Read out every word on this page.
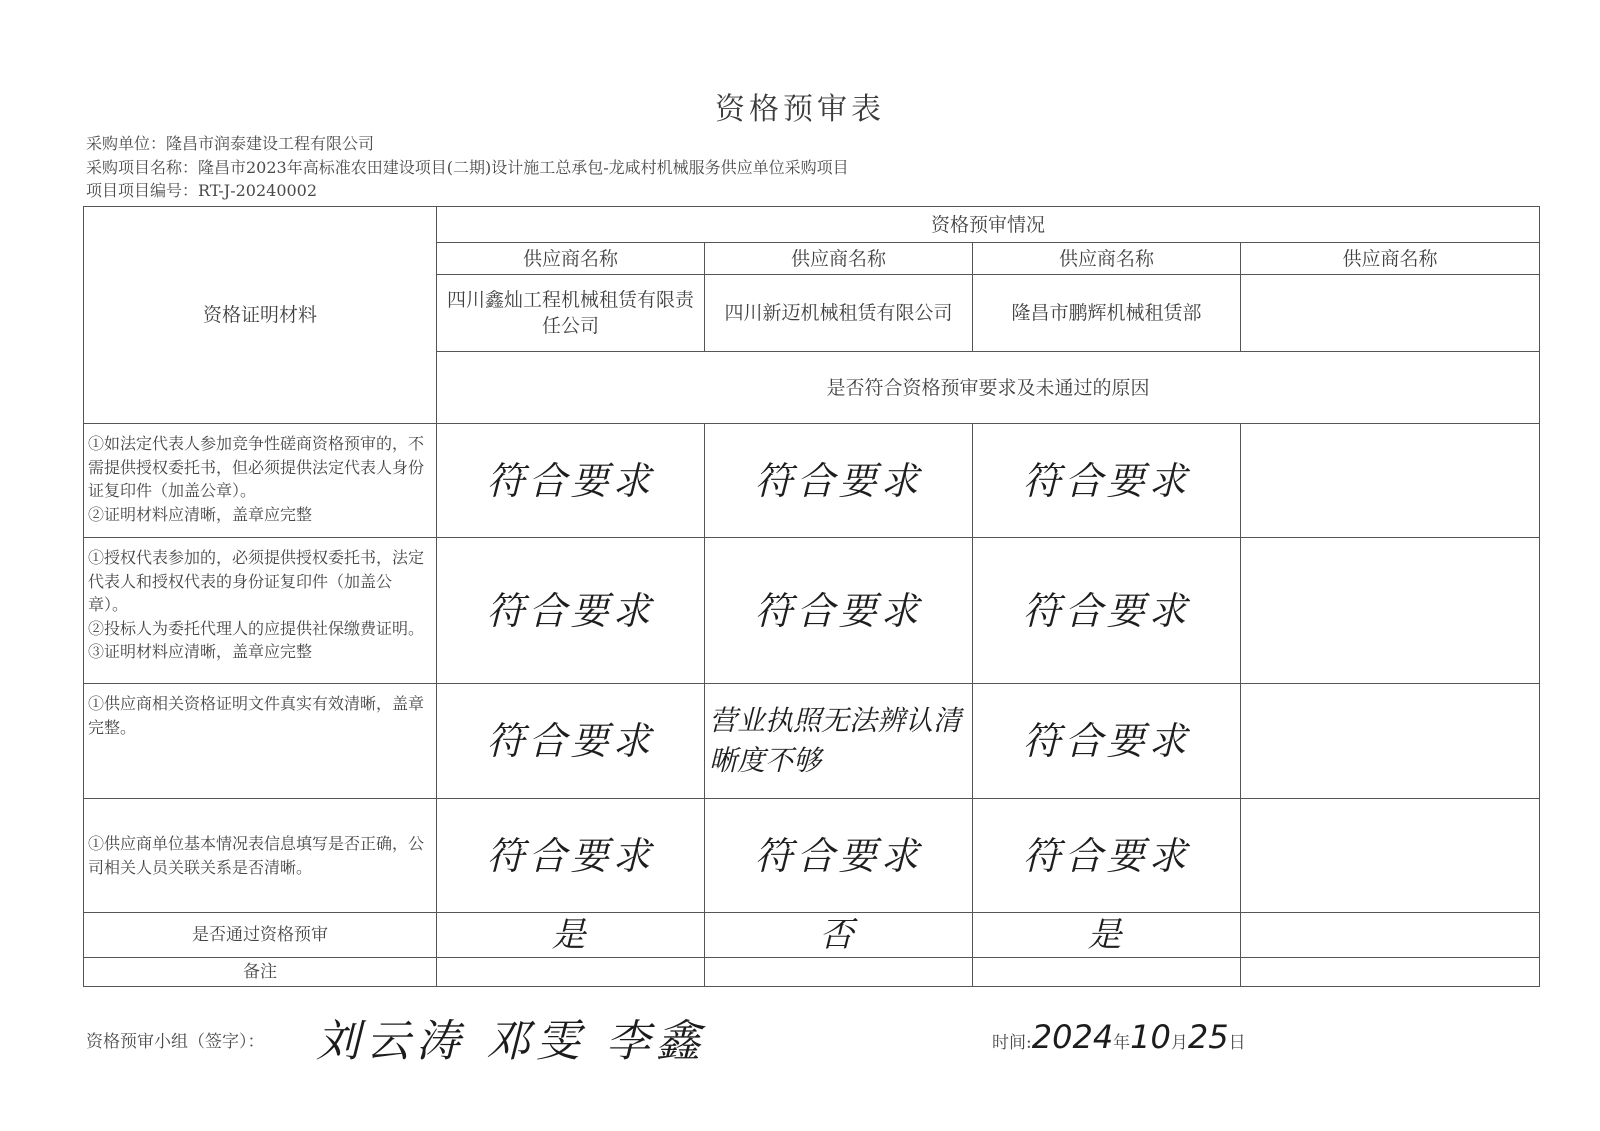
资格预审表
采购单位：隆昌市润泰建设工程有限公司
采购项目名称：隆昌市2023年高标准农田建设项目(二期)设计施工总承包-龙咸村机械服务供应单位采购项目
项目项目编号：RT-J-20240002
资格证明材料	资格预审情况			
	供应商名称	供应商名称	供应商名称	供应商名称
	四川鑫灿工程机械租赁有限责任公司	四川新迈机械租赁有限公司	隆昌市鹏辉机械租赁部	
	是否符合资格预审要求及未通过的原因			

①如法定代表人参加竞争性磋商资格预审的，不需提供授权委托书，但必须提供法定代表人身份证复印件（加盖公章）。
②证明材料应清晰，盖章应完整	符合要求	符合要求	符合要求	

①授权代表参加的，必须提供授权委托书，法定代表人和授权代表的身份证复印件（加盖公章）。
②投标人为委托代理人的应提供社保缴费证明。
③证明材料应清晰，盖章应完整	符合要求	符合要求	符合要求	

①供应商相关资格证明文件真实有效清晰，盖章完整。	符合要求	营业执照无法辨认清晰度不够	符合要求	

①供应商单位基本情况表信息填写是否正确，公司相关人员关联关系是否清晰。	符合要求	符合要求	符合要求	
是否通过资格预审	是	否	是	
备注				
资格预审小组（签字）： 刘云涛 邓雯 李鑫	时间:2024年10月25日
